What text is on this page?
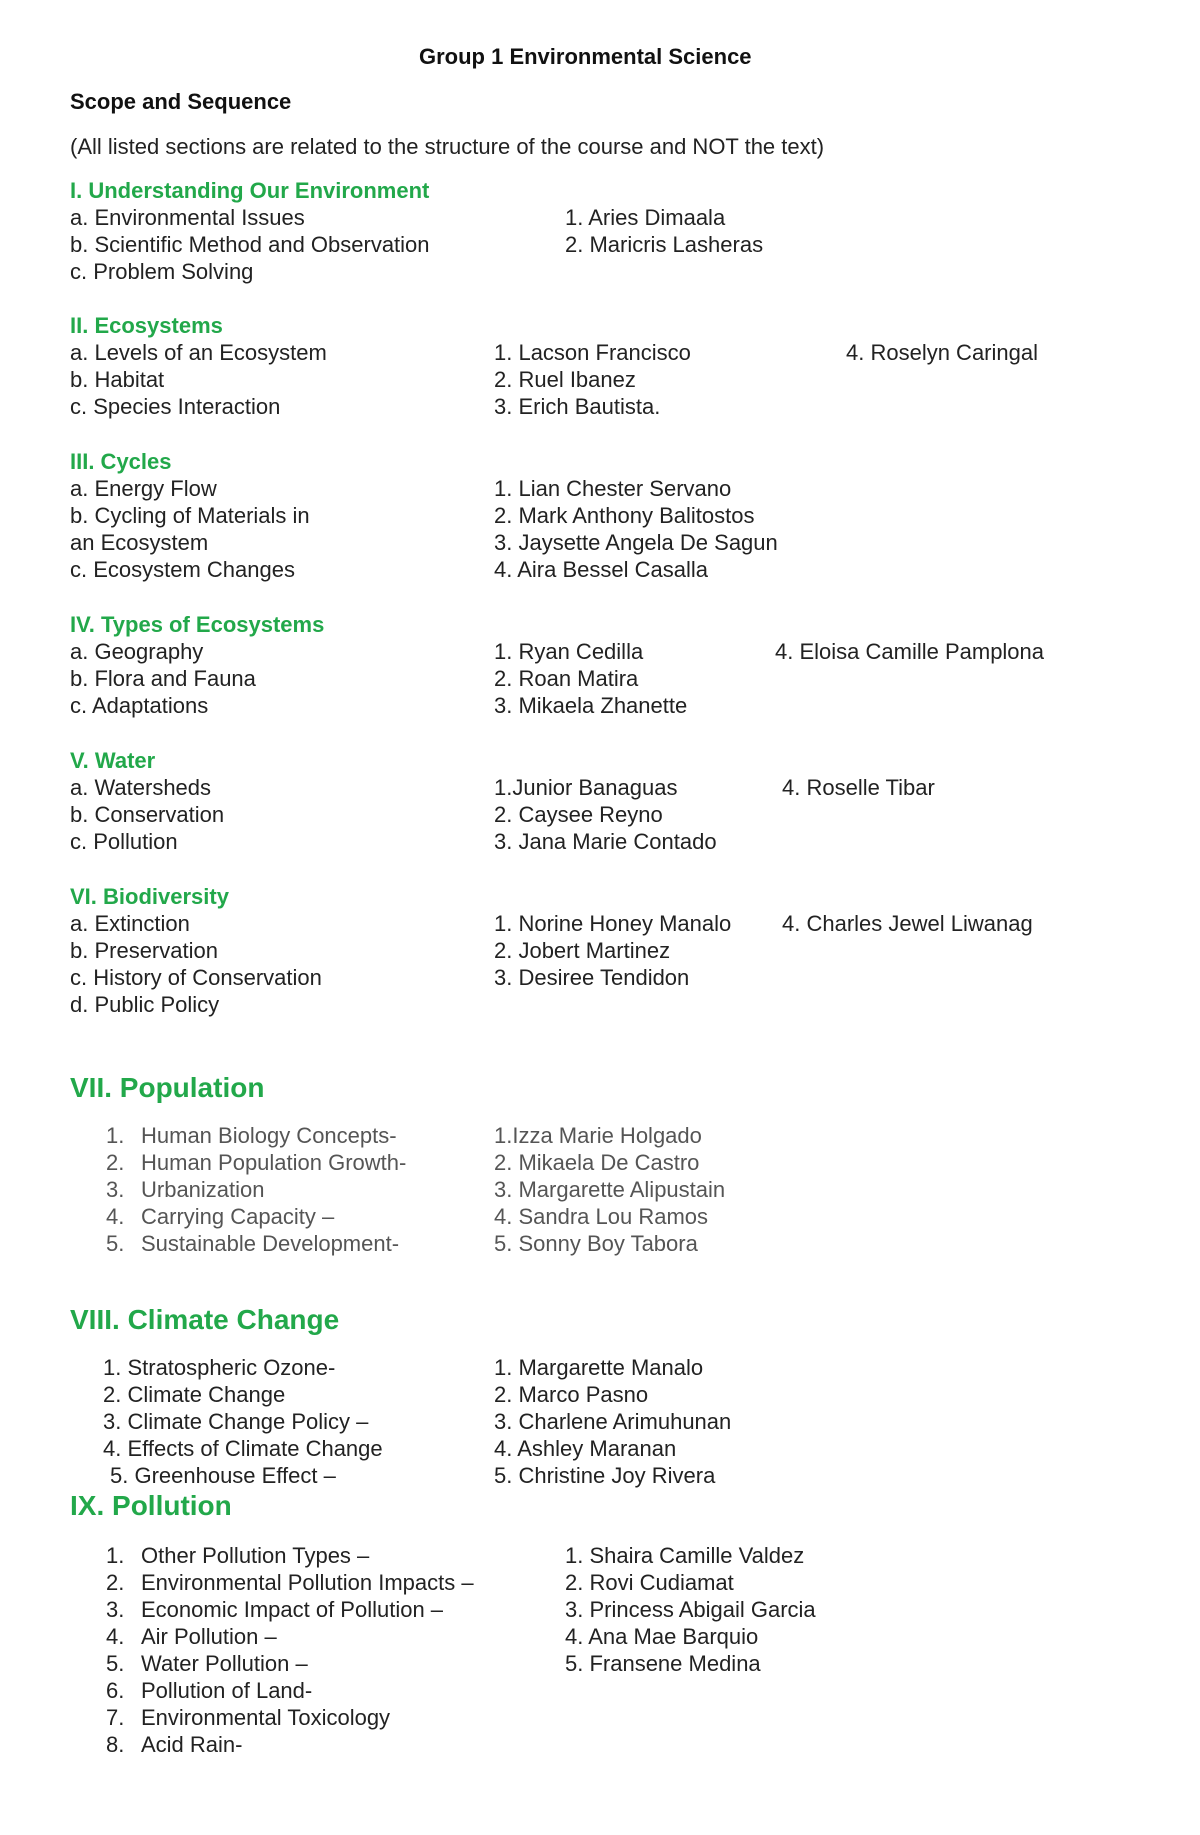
Group 1 Environmental Science
Scope and Sequence
(All listed sections are related to the structure of the course and NOT the text)
I. Understanding Our Environment
a. Environmental Issues
b. Scientific Method and Observation
c. Problem Solving
1. Aries Dimaala
2. Maricris Lasheras
II. Ecosystems
a. Levels of an Ecosystem
b. Habitat
c. Species Interaction
1. Lacson Francisco
2. Ruel Ibanez
3. Erich Bautista.
4. Roselyn Caringal
III. Cycles
a. Energy Flow
b. Cycling of Materials in
an Ecosystem
c. Ecosystem Changes
1. Lian Chester Servano
2. Mark Anthony Balitostos
3. Jaysette Angela De Sagun
4. Aira Bessel Casalla
IV. Types of Ecosystems
a. Geography
b. Flora and Fauna
c. Adaptations
1. Ryan Cedilla
2. Roan Matira
3. Mikaela Zhanette
4. Eloisa Camille Pamplona
V. Water
a. Watersheds
b. Conservation
c. Pollution
1.Junior Banaguas
2. Caysee Reyno
3. Jana Marie Contado
4. Roselle Tibar
VI. Biodiversity
a. Extinction
b. Preservation
c. History of Conservation
d. Public Policy
1. Norine Honey Manalo
2. Jobert Martinez
3. Desiree Tendidon
4. Charles Jewel Liwanag
VII. Population
1.
2.
3.
4.
5.
Human Biology Concepts-
Human Population Growth-
Urbanization
Carrying Capacity –
Sustainable Development-
1.Izza Marie Holgado
2. Mikaela De Castro
3. Margarette Alipustain
4. Sandra Lou Ramos
5. Sonny Boy Tabora
VIII. Climate Change
1. Stratospheric Ozone-
2. Climate Change
3. Climate Change Policy –
4. Effects of Climate Change
5. Greenhouse Effect –
1. Margarette Manalo
2. Marco Pasno
3. Charlene Arimuhunan
4. Ashley Maranan
5. Christine Joy Rivera
IX. Pollution
1.
2.
3.
4.
5.
6.
7.
8.
Other Pollution Types –
Environmental Pollution Impacts –
Economic Impact of Pollution –
Air Pollution –
Water Pollution –
Pollution of Land-
Environmental Toxicology
Acid Rain-
1. Shaira Camille Valdez
2. Rovi Cudiamat
3. Princess Abigail Garcia
4. Ana Mae Barquio
5. Fransene Medina
